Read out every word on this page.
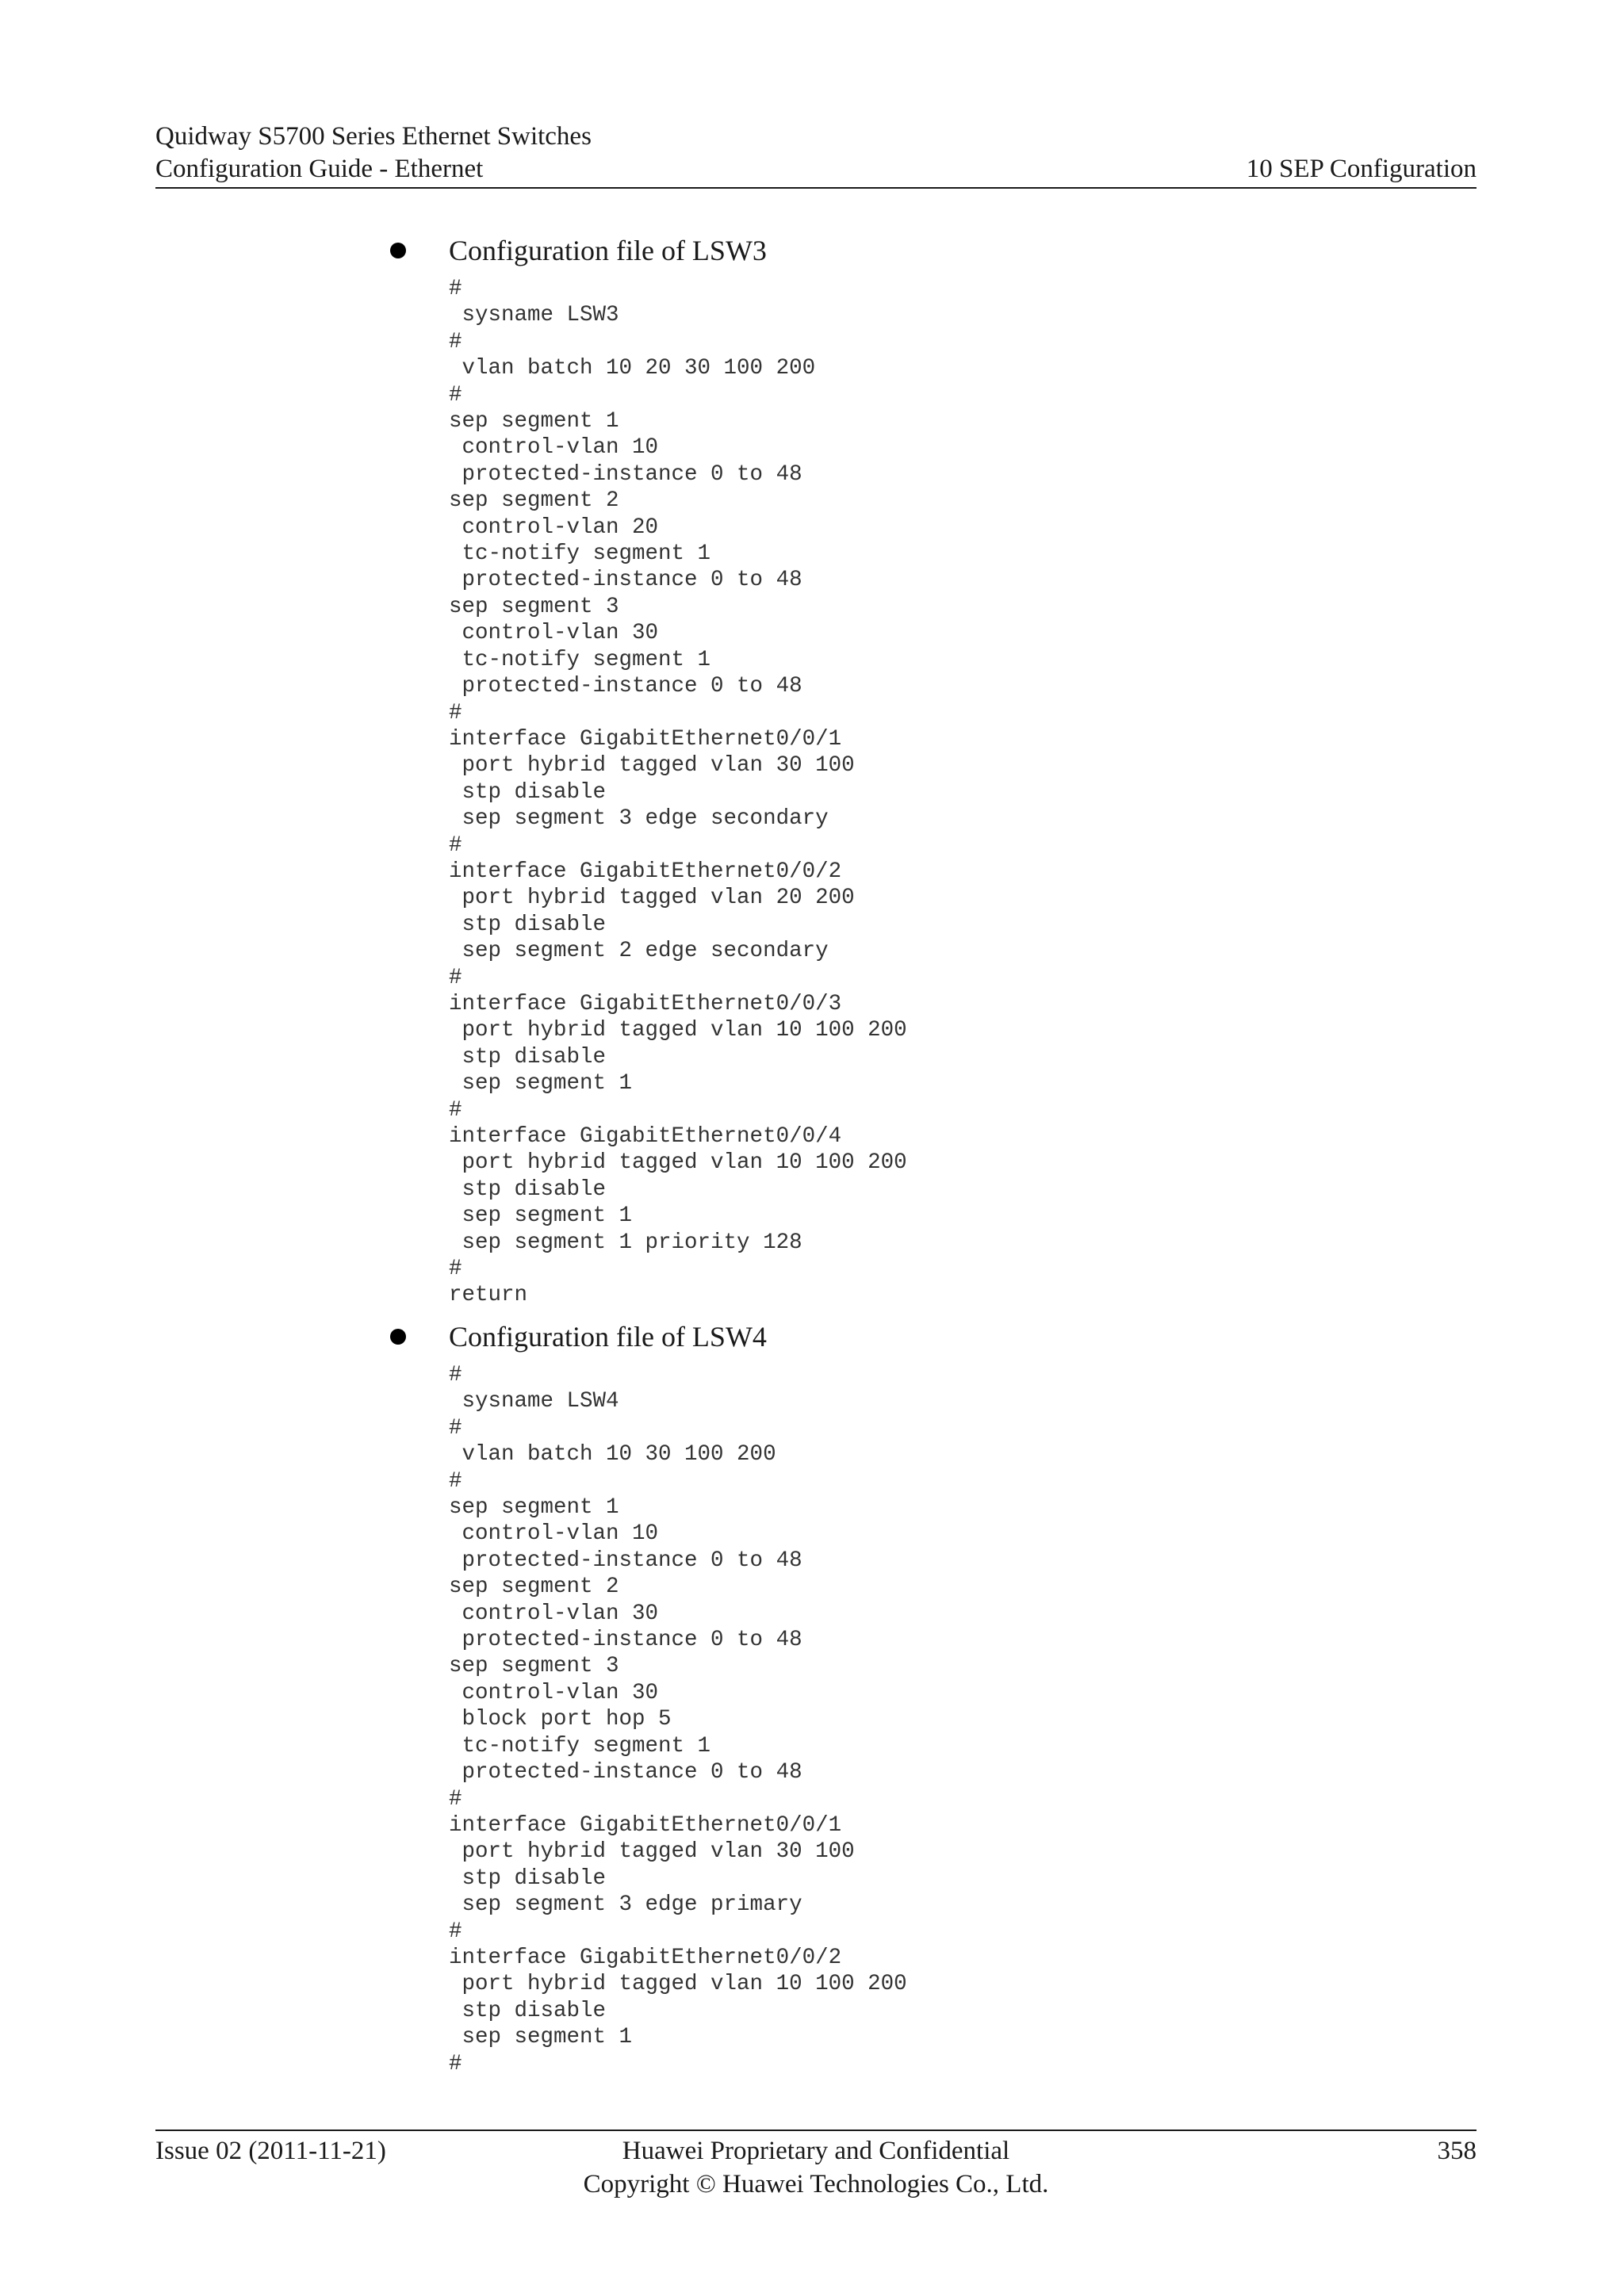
Quidway S5700 Series Ethernet Switches
Configuration Guide - Ethernet	10 SEP Configuration
Configuration file of LSW3
#
sysname LSW3
#
vlan batch 10 20 30 100 200
#
sep segment 1
control-vlan 10
protected-instance 0 to 48
sep segment 2
control-vlan 20
tc-notify segment 1
protected-instance 0 to 48
sep segment 3
control-vlan 30
tc-notify segment 1
protected-instance 0 to 48
#
interface GigabitEthernet0/0/1
port hybrid tagged vlan 30 100
stp disable
sep segment 3 edge secondary
#
interface GigabitEthernet0/0/2
port hybrid tagged vlan 20 200
stp disable
sep segment 2 edge secondary
#
interface GigabitEthernet0/0/3
port hybrid tagged vlan 10 100 200
stp disable
sep segment 1
#
interface GigabitEthernet0/0/4
port hybrid tagged vlan 10 100 200
stp disable
sep segment 1
sep segment 1 priority 128
#
return
Configuration file of LSW4
#
sysname LSW4
#
vlan batch 10 30 100 200
#
sep segment 1
control-vlan 10
protected-instance 0 to 48
sep segment 2
control-vlan 30
protected-instance 0 to 48
sep segment 3
control-vlan 30
block port hop 5
tc-notify segment 1
protected-instance 0 to 48
#
interface GigabitEthernet0/0/1
port hybrid tagged vlan 30 100
stp disable
sep segment 3 edge primary
#
interface GigabitEthernet0/0/2
port hybrid tagged vlan 10 100 200
stp disable
sep segment 1
#
Issue 02 (2011-11-21)	Huawei Proprietary and Confidential
Copyright © Huawei Technologies Co., Ltd.
358
